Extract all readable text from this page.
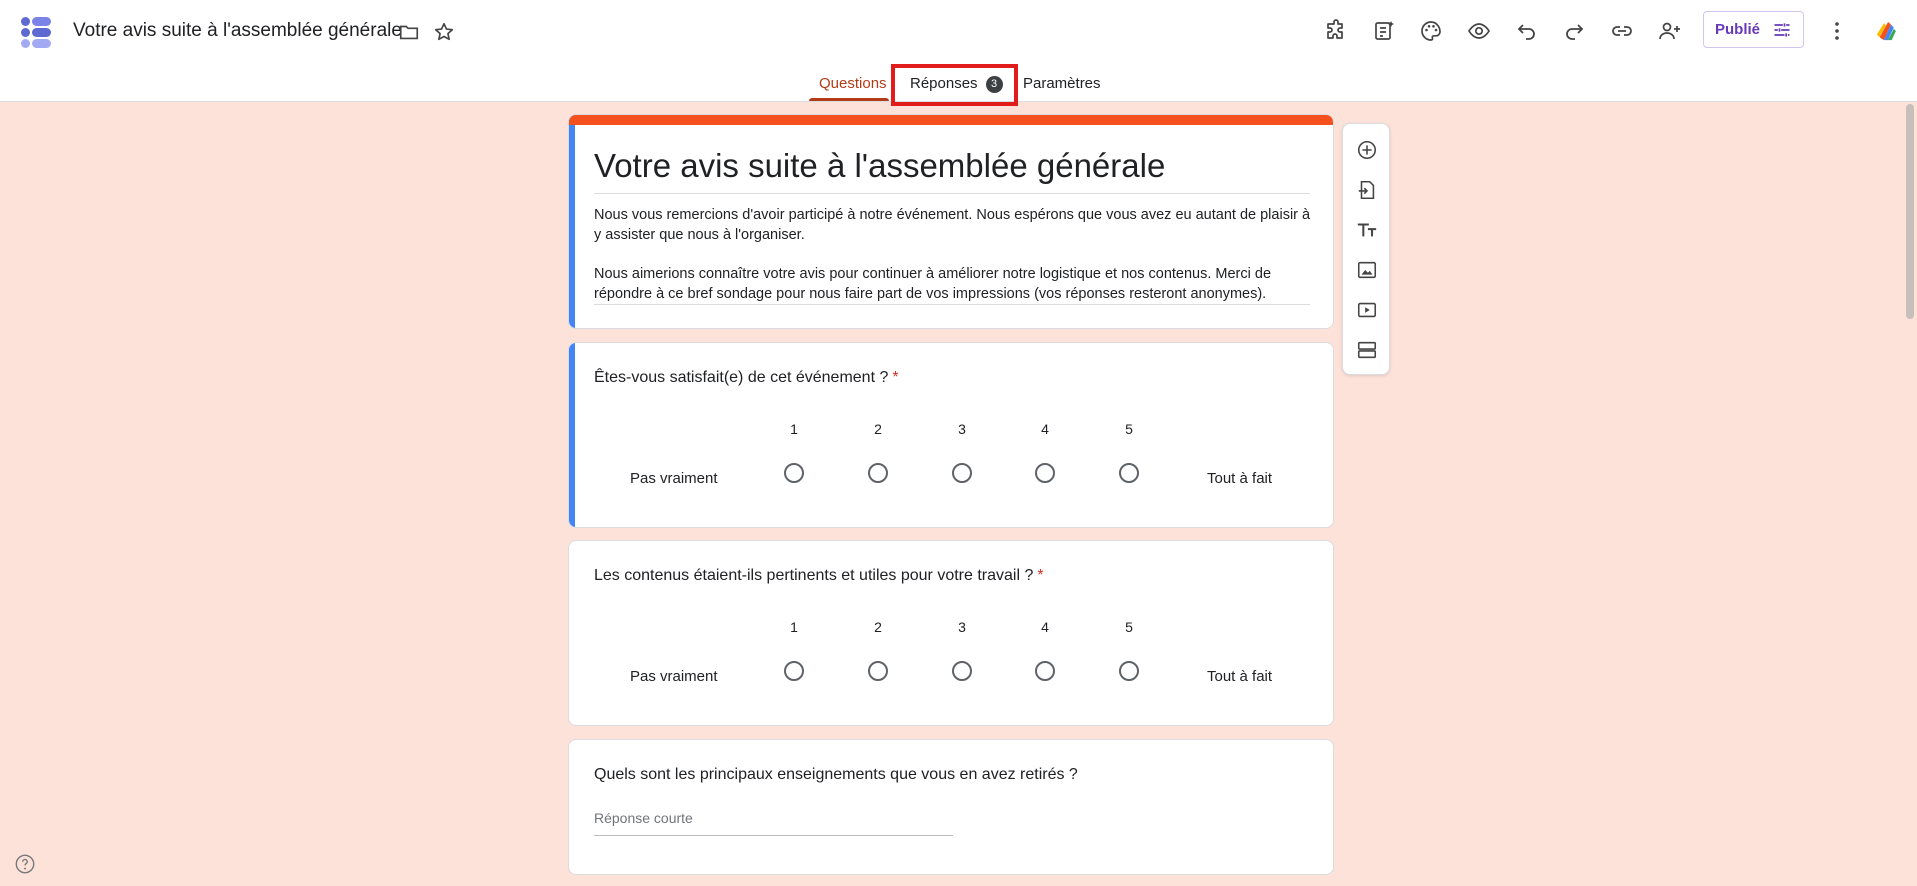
Votre avis suite à l'assemblée générale	Publié
Questions Réponses 3	Paramètres
Votre avis suite à l'assemblée générale

Nous vous remercions d'avoir participé à notre événement. Nous espérons que vous avez eu autant de plaisir à y assister que nous à l'organiser.

Nous aimerions connaître votre avis pour continuer à améliorer notre logistique et nos contenus. Merci de répondre à ce bref sondage pour nous faire part de vos impressions (vos réponses resteront anonymes).

Êtes-vous satisfait(e) de cet événement ? *
1	2	3	4	5
Pas vraiment	Tout à fait
Les contenus étaient-ils pertinents et utiles pour votre travail ? *
1	2	3	4	5
Pas vraiment	Tout à fait
Quels sont les principaux enseignements que vous en avez retirés ?
Réponse courte
